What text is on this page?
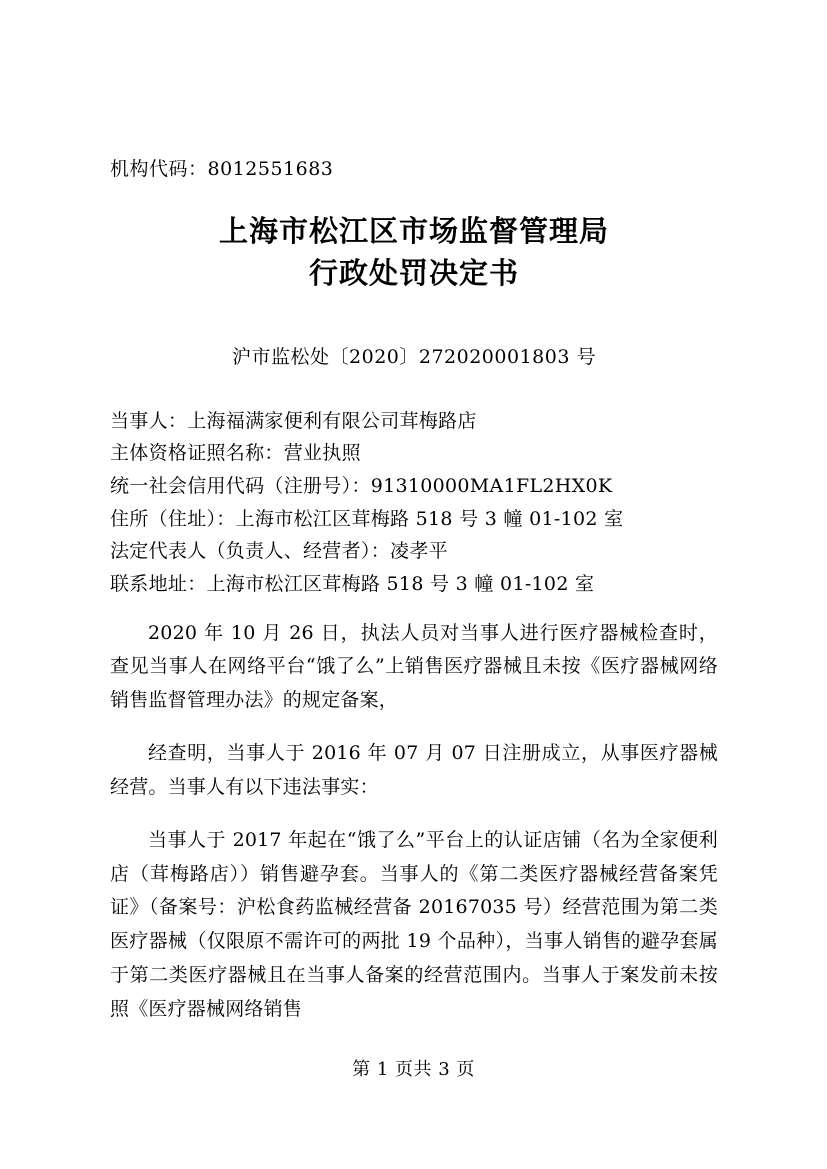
机构代码：8012551683
上海市松江区市场监督管理局
行政处罚决定书
沪市监松处〔2020〕272020001803 号
当事人：上海福满家便利有限公司茸梅路店
主体资格证照名称：营业执照
统一社会信用代码（注册号）：91310000MA1FL2HX0K
住所（住址）：上海市松江区茸梅路 518 号 3 幢 01-102 室
法定代表人（负责人、经营者）：凌孝平
联系地址：上海市松江区茸梅路 518 号 3 幢 01-102 室

2020 年 10 月 26 日，执法人员对当事人进行医疗器械检查时，查见当事人在网络平台“饿了么”上销售医疗器械且未按《医疗器械网络销售监督管理办法》的规定备案，

经查明，当事人于 2016 年 07 月 07 日注册成立，从事医疗器械经营。当事人有以下违法事实：

当事人于 2017 年起在“饿了么”平台上的认证店铺（名为全家便利店（茸梅路店））销售避孕套。当事人的《第二类医疗器械经营备案凭证》（备案号：沪松食药监械经营备 20167035 号）经营范围为第二类医疗器械（仅限原不需许可的两批 19 个品种），当事人销售的避孕套属于第二类医疗器械且在当事人备案的经营范围内。当事人于案发前未按照《医疗器械网络销售

第 1 页共 3 页
